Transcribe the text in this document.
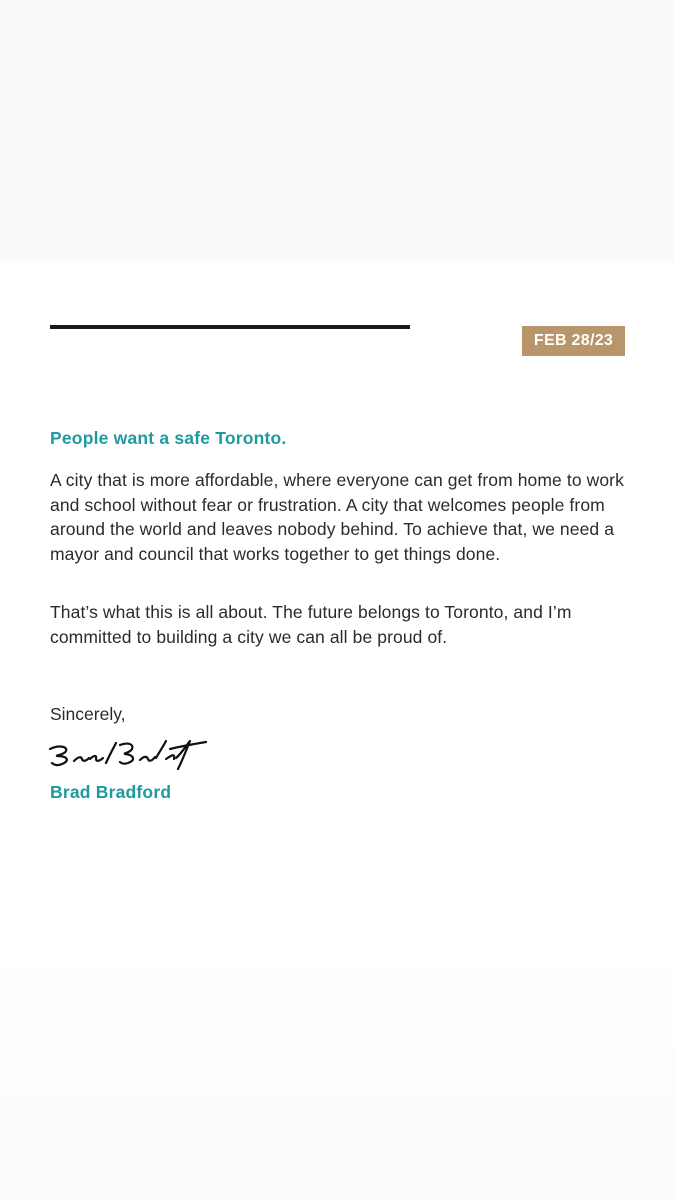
FEB 28/23

People want a safe Toronto.

A city that is more affordable, where everyone can get from home to work and school without fear or frustration. A city that welcomes people from around the world and leaves nobody behind. To achieve that, we need a mayor and council that works together to get things done.

That’s what this is all about. The future belongs to Toronto, and I’m committed to building a city we can all be proud of.

Sincerely,

Brad Bradford
